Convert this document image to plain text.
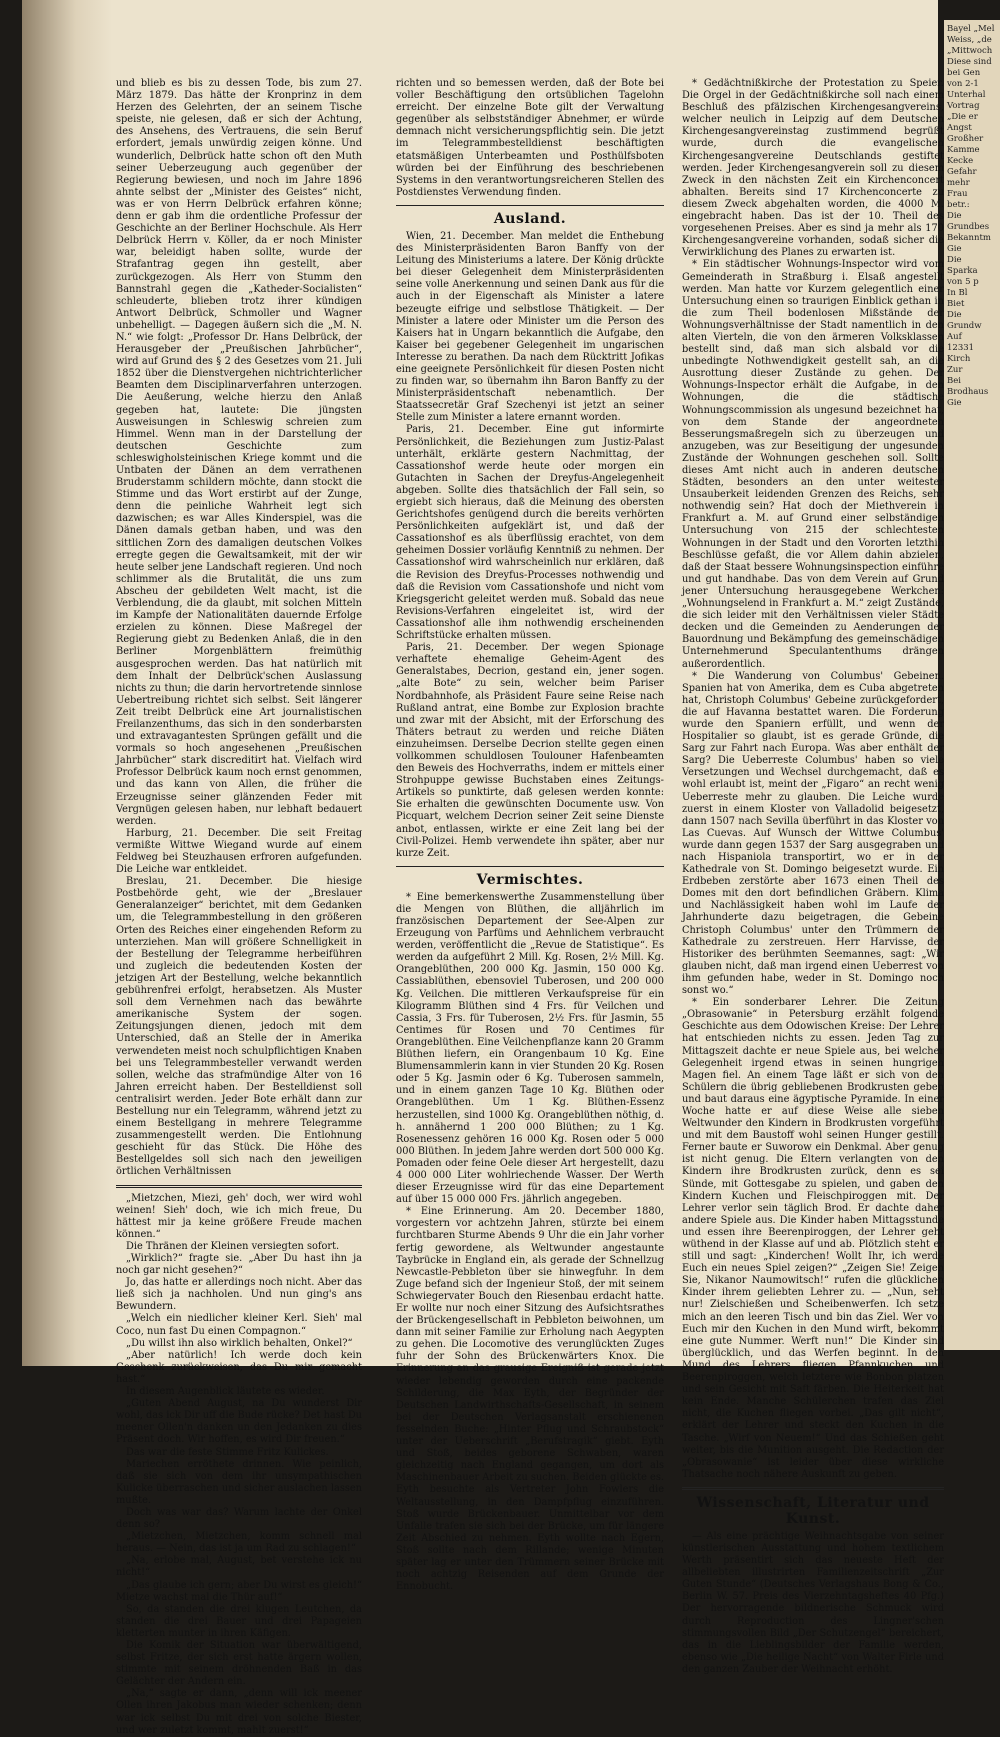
und blieb es bis zu dessen Tode, bis zum 27. März 1879. Das hätte der Kronprinz in dem Herzen des Gelehrten, der an seinem Tische speiste, nie gelesen, daß er sich der Achtung, des Ansehens, des Vertrauens, die sein Beruf erfordert, jemals unwürdig zeigen könne. Und wunderlich, Delbrück hatte schon oft den Muth seiner Ueberzeugung auch gegenüber der Regierung bewiesen, und noch im Jahre 1896 ahnte selbst der „Minister des Geistes“ nicht, was er von Herrn Delbrück erfahren könne; denn er gab ihm die ordentliche Professur der Geschichte an der Berliner Hochschule. Als Herr Delbrück Herrn v. Köller, da er noch Minister war, beleidigt haben sollte, wurde der Strafantrag gegen ihn gestellt, aber zurückgezogen. Als Herr von Stumm den Bannstrahl gegen die „Katheder-Socialisten“ schleuderte, blieben trotz ihrer kündigen Antwort Delbrück, Schmoller und Wagner unbehelligt. — Dagegen äußern sich die „M. N. N.“ wie folgt: „Professor Dr. Hans Delbrück, der Herausgeber der „Preußischen Jahrbücher“, wird auf Grund des § 2 des Gesetzes vom 21. Juli 1852 über die Dienstvergehen nichtrichterlicher Beamten dem Disciplinarverfahren unterzogen. Die Aeußerung, welche hierzu den Anlaß gegeben hat, lautete: Die jüngsten Ausweisungen in Schleswig schreien zum Himmel. Wenn man in der Darstellung der deutschen Geschichte zum schleswigholsteinischen Kriege kommt und die Untbaten der Dänen an dem verrathenen Bruderstamm schildern möchte, dann stockt die Stimme und das Wort erstirbt auf der Zunge, denn die peinliche Wahrheit legt sich dazwischen; es war Alles Kinderspiel, was die Dänen damals getban haben, und was den sittlichen Zorn des damaligen deutschen Volkes erregte gegen die Gewaltsamkeit, mit der wir heute selber jene Landschaft regieren. Und noch schlimmer als die Brutalität, die uns zum Abscheu der gebildeten Welt macht, ist die Verblendung, die da glaubt, mit solchen Mitteln im Kampfe der Nationalitäten dauernde Erfolge erzielen zu können. Diese Maßregel der Regierung giebt zu Bedenken Anlaß, die in den Berliner Morgenblättern freimüthig ausgesprochen werden. Das hat natürlich mit dem Inhalt der Delbrück'schen Auslassung nichts zu thun; die darin hervortretende sinnlose Uebertreibung richtet sich selbst. Seit längerer Zeit treibt Delbrück eine Art journalistischen Freilanzenthums, das sich in den sonderbarsten und extravagantesten Sprüngen gefällt und die vormals so hoch angesehenen „Preußischen Jahrbücher“ stark discreditirt hat. Vielfach wird Professor Delbrück kaum noch ernst genommen, und das kann von Allen, die früher die Erzeugnisse seiner glänzenden Feder mit Vergnügen gelesen haben, nur lebhaft bedauert werden.

Harburg, 21. December. Die seit Freitag vermißte Wittwe Wiegand wurde auf einem Feldweg bei Steuzhausen erfroren aufgefunden. Die Leiche war entkleidet.

Breslau, 21. December. Die hiesige Postbehörde geht, wie der „Breslauer Generalanzeiger“ berichtet, mit dem Gedanken um, die Telegrammbestellung in den größeren Orten des Reiches einer eingehenden Reform zu unterziehen. Man will größere Schnelligkeit in der Bestellung der Telegramme herbeiführen und zugleich die bedeutenden Kosten der jetzigen Art der Bestellung, welche bekanntlich gebührenfrei erfolgt, herabsetzen. Als Muster soll dem Vernehmen nach das bewährte amerikanische System der sogen. Zeitungsjungen dienen, jedoch mit dem Unterschied, daß an Stelle der in Amerika verwendeten meist noch schulpflichtigen Knaben bei uns Telegrammbesteller verwandt werden sollen, welche das strafmündige Alter von 16 Jahren erreicht haben. Der Bestelldienst soll centralisirt werden. Jeder Bote erhält dann zur Bestellung nur ein Telegramm, während jetzt zu einem Bestellgang in mehrere Telegramme zusammengestellt werden. Die Entlohnung geschieht für das Stück. Die Höhe des Bestellgeldes soll sich nach den jeweiligen örtlichen Verhältnissen

„Mietzchen, Miezi, geh' doch, wer wird wohl weinen! Sieh' doch, wie ich mich freue, Du hättest mir ja keine größere Freude machen können.“

Die Thränen der Kleinen versiegten sofort.

„Wirklich?“ fragte sie. „Aber Du hast ihn ja noch gar nicht gesehen?“

Jo, das hatte er allerdings noch nicht. Aber das ließ sich ja nachholen. Und nun ging's ans Bewundern.

„Welch ein niedlicher kleiner Kerl. Sieh' mal Coco, nun fast Du einen Compagnon.“

„Du willst ihn also wirklich behalten, Onkel?“

„Aber natürlich! Ich werde doch kein Geschenk zurückweisen, das Du mir gemacht hast.“

In diesem Augenblick läutete es wieder.

„Guten Abend August, na Du wunderst Dir wohl, das ick Dir uff die Bude rücke? Det hast Du meener Ollen'n danken un den Jedanken zu dies Präsent doch. Wir hoffen, es wird Dir freuen.“

Das war die feste Stimme Fritz Kulickes.

Mariechen erröthete drinnen. Wie peinlich, daß sie sich von dem ihr unsympathischen Kulicke überraschen und sicher auslachen lassen mußte.

Doch was war das? Warum lachte der Onkel denn so?

„Mietzchen, Mietzchen, komm schnell mal heraus. — Nein, das ist ja um Rad zu schlagen!“

„Na, erlobe mal, August, bet verstehe ick nu nicht!“

„Das glaube ich gern; aber Du wirst es gleich!“ Mietze wachst mal die Thür auf!“

So, da standen die drei klugen Leutchen, da standen die drei Bauer und drei Papageien kletterten munter in ihren Käfigen.

Die Komik der Situation war überwältigend, selbst Fritze, der sich erst hatte ärgern wollen, stimmte mit seinem dröhnenden Baß in das Gelächter der Andern ein.

„Na,“ sagte er dann, „denn will ick meener Ollen ihren Jakobus man wieder schenken; denn war ick selbst Du mit drei von solche Biester, und wer zuletzt kommt, mahlt zuerst!“

richten und so bemessen werden, daß der Bote bei voller Beschäftigung den ortsüblichen Tagelohn erreicht. Der einzelne Bote gilt der Verwaltung gegenüber als selbstständiger Abnehmer, er würde demnach nicht versicherungspflichtig sein. Die jetzt im Telegrammbestelldienst beschäftigten etatsmäßigen Unterbeamten und Posthülfsboten würden bei der Einführung des beschriebenen Systems in den verantwortungsreicheren Stellen des Postdienstes Verwendung finden.

Ausland.

Wien, 21. December. Man meldet die Enthebung des Ministerpräsidenten Baron Banffy von der Leitung des Ministeriums a latere. Der König drückte bei dieser Gelegenheit dem Ministerpräsidenten seine volle Anerkennung und seinen Dank aus für die auch in der Eigenschaft als Minister a latere bezeugte eifrige und selbstlose Thätigkeit. — Der Minister a latere oder Minister um die Person des Kaisers hat in Ungarn bekanntlich die Aufgabe, den Kaiser bei gegebener Gelegenheit im ungarischen Interesse zu berathen. Da nach dem Rücktritt Jofikas eine geeignete Persönlichkeit für diesen Posten nicht zu finden war, so übernahm ihn Baron Banffy zu der Ministerpräsidentschaft nebenamtlich. Der Staatssecretär Graf Szechenyi ist jetzt an seiner Stelle zum Minister a latere ernannt worden.

Paris, 21. December. Eine gut informirte Persönlichkeit, die Beziehungen zum Justiz-Palast unterhält, erklärte gestern Nachmittag, der Cassationshof werde heute oder morgen ein Gutachten in Sachen der Dreyfus-Angelegenheit abgeben. Sollte dies thatsächlich der Fall sein, so ergiebt sich hieraus, daß die Meinung des obersten Gerichtshofes genügend durch die bereits verhörten Persönlichkeiten aufgeklärt ist, und daß der Cassationshof es als überflüssig erachtet, von dem geheimen Dossier vorläufig Kenntniß zu nehmen. Der Cassationshof wird wahrscheinlich nur erklären, daß die Revision des Dreyfus-Processes nothwendig und daß die Revision vom Cassationshofe und nicht vom Kriegsgericht geleitet werden muß. Sobald das neue Revisions-Verfahren eingeleitet ist, wird der Cassationshof alle ihm nothwendig erscheinenden Schriftstücke erhalten müssen.

Paris, 21. December. Der wegen Spionage verhaftete ehemalige Geheim-Agent des Generalstabes, Decrion, gestand ein, jener sogen. „alte Bote“ zu sein, welcher beim Pariser Nordbahnhofe, als Präsident Faure seine Reise nach Rußland antrat, eine Bombe zur Explosion brachte und zwar mit der Absicht, mit der Erforschung des Thäters betraut zu werden und reiche Diäten einzuheimsen. Derselbe Decrion stellte gegen einen vollkommen schuldlosen Toulouner Hafenbeamten den Beweis des Hochverraths, indem er mittels einer Strohpuppe gewisse Buchstaben eines Zeitungs-Artikels so punktirte, daß gelesen werden konnte: Sie erhalten die gewünschten Documente usw. Von Picquart, welchem Decrion seiner Zeit seine Dienste anbot, entlassen, wirkte er eine Zeit lang bei der Civil-Polizei. Hemb verwendete ihn später, aber nur kurze Zeit.

Vermischtes.

* Eine bemerkenswerthe Zusammenstellung über die Mengen von Blüthen, die alljährlich im französischen Departement der See-Alpen zur Erzeugung von Parfüms und Aehnlichem verbraucht werden, veröffentlicht die „Revue de Statistique“. Es werden da aufgeführt 2 Mill. Kg. Rosen, 2½ Mill. Kg. Orangeblüthen, 200 000 Kg. Jasmin, 150 000 Kg. Cassiablüthen, ebensoviel Tuberosen, und 200 000 Kg. Veilchen. Die mittleren Verkaufspreise für ein Kilogramm Blüthen sind 4 Frs. für Veilchen und Cassia, 3 Frs. für Tuberosen, 2½ Frs. für Jasmin, 55 Centimes für Rosen und 70 Centimes für Orangeblüthen. Eine Veilchenpflanze kann 20 Gramm Blüthen liefern, ein Orangenbaum 10 Kg. Eine Blumensammlerin kann in vier Stunden 20 Kg. Rosen oder 5 Kg. Jasmin oder 6 Kg. Tuberosen sammeln, und in einem ganzen Tage 10 Kg. Blüthen oder Orangeblüthen. Um 1 Kg. Blüthen-Essenz herzustellen, sind 1000 Kg. Orangeblüthen nöthig, d. h. annähernd 1 200 000 Blüthen; zu 1 Kg. Rosenessenz gehören 16 000 Kg. Rosen oder 5 000 000 Blüthen. In jedem Jahre werden dort 500 000 Kg. Pomaden oder feine Oele dieser Art hergestellt, dazu 4 000 000 Liter wohlriechende Wasser. Der Werth dieser Erzeugnisse wird für das eine Departement auf über 15 000 000 Frs. jährlich angegeben.

* Eine Erinnerung. Am 20. December 1880, vorgestern vor achtzehn Jahren, stürzte bei einem furchtbaren Sturme Abends 9 Uhr die ein Jahr vorher fertig gewordene, als Weltwunder angestaunte Taybrücke in England ein, als gerade der Schnellzug Newcastle-Pebbleton über sie hinwegfuhr. In dem Zuge befand sich der Ingenieur Stoß, der mit seinem Schwiegervater Bouch den Riesenbau erdacht hatte. Er wollte nur noch einer Sitzung des Aufsichtsrathes der Brückengesellschaft in Pebbleton beiwohnen, um dann mit seiner Familie zur Erholung nach Aegypten zu gehen. Die Locomotive des verunglückten Zuges fuhr der Sohn des Brückenwärters Knox. Die Erinnerung an das grausige Ereigniß ist gerade jetzt wieder lebendig geworden durch eine packende Schilderung, die Max Eyth, der Begründer der Deutschen Landwirthschafts-Gesellschaft, in seinem bei der Deutschen Verlagsanstalt erschienenen fesselnden Buche: „Hinter Pflug und Schraubstock“ unter der Ueberschrift „Berufstragik“ giebt. Eyth und Stoß, beides geborene Schwaben, waren gleichzeitig nach England gegangen, um dort als Maschinenbauer Arbeit zu suchen. Beiden glückte es. Eyth besuchte als Vertreter John Fowlers die Weltausstellung, in den Dampfpflug einzuführen. Stoß wurde Brückenbauer. Unmittelbar vor dem Unfalle trafen sie sich bei der Brücke, um für längere Zeit Abschied zu nehmen. Eyth wollte nach Egern, Stoß sollte nach dem Rillande; wenige Minuten später lag er unter den Trümmern seiner Brücke mit noch achtzig Reisenden auf dem Grunde der Ennobucht.

* Gedächtnißkirche der Protestation zu Speier. Die Orgel in der Gedächtnißkirche soll nach einem Beschluß des pfälzischen Kirchengesangvereins, welcher neulich in Leipzig auf dem Deutschen Kirchengesangvereinstag zustimmend begrüßt wurde, durch die evangelischen Kirchengesangvereine Deutschlands gestiftet werden. Jeder Kirchengesangverein soll zu diesem Zweck in den nächsten Zeit ein Kirchenconcert abhalten. Bereits sind 17 Kirchenconcerte zu diesem Zweck abgehalten worden, die 4000 M. eingebracht haben. Das ist der 10. Theil des vorgesehenen Preises. Aber es sind ja mehr als 170 Kirchengesangvereine vorhanden, sodaß sicher die Verwirklichung des Planes zu erwarten ist.

* Ein städtischer Wohnungs-Inspector wird vom Gemeinderath in Straßburg i. Elsaß angestellt werden. Man hatte vor Kurzem gelegentlich einer Untersuchung einen so traurigen Einblick gethan in die zum Theil bodenlosen Mißstände der Wohnungsverhältnisse der Stadt namentlich in den alten Vierteln, die von den ärmeren Volksklassen bestellt sind, daß man sich alsbald vor die unbedingte Nothwendigkeit gestellt sah, an die Ausrottung dieser Zustände zu gehen. Der Wohnungs-Inspector erhält die Aufgabe, in den Wohnungen, die die städtische Wohnungscommission als ungesund bezeichnet hat, von dem Stande der angeordneten Besserungsmaßregeln sich zu überzeugen und anzugeben, was zur Beseitigung der ungesunden Zustände der Wohnungen geschehen soll. Sollte dieses Amt nicht auch in anderen deutschen Städten, besonders an den unter weitester Unsauberkeit leidenden Grenzen des Reichs, sehr nothwendig sein? Hat doch der Miethverein in Frankfurt a. M. auf Grund einer selbständigen Untersuchung von 215 der schlechtesten Wohnungen in der Stadt und den Vororten letzthin Beschlüsse gefaßt, die vor Allem dahin abzielen, daß der Staat bessere Wohnungsinspection einführe und gut handhabe. Das von dem Verein auf Grund jener Untersuchung herausgegebene Werkchen: „Wohnungselend in Frankfurt a. M.“ zeigt Zustände, die sich leider mit den Verhältnissen vieler Städte decken und die Gemeinden zu Aenderungen der Bauordnung und Bekämpfung des gemeinschädigen Unternehmerund Speculantenthums drängen außerordentlich.

* Die Wanderung von Columbus' Gebeinen. Spanien hat von Amerika, dem es Cuba abgetreten hat, Christoph Columbus' Gebeine zurückgefordert, die auf Havanna bestattet waren. Die Forderung wurde den Spaniern erfüllt, und wenn der Hospitalier so glaubt, ist es gerade Gründe, die Sarg zur Fahrt nach Europa. Was aber enthält der Sarg? Die Ueberreste Columbus' haben so viele Versetzungen und Wechsel durchgemacht, daß es wohl erlaubt ist, meint der „Figaro“ an recht wenig Ueberreste mehr zu glauben. Die Leiche wurde zuerst in einem Kloster von Valladolid beigesetzt, dann 1507 nach Sevilla überführt in das Kloster von Las Cuevas. Auf Wunsch der Wittwe Columbus' wurde dann gegen 1537 der Sarg ausgegraben und nach Hispaniola transportirt, wo er in der Kathedrale von St. Domingo beigesetzt wurde. Ein Erdbeben zerstörte aber 1673 einen Theil des Domes mit den dort befindlichen Gräbern. Klima und Nachlässigkeit haben wohl im Laufe der Jahrhunderte dazu beigetragen, die Gebeine Christoph Columbus' unter den Trümmern der Kathedrale zu zerstreuen. Herr Harvisse, der Historiker des berühmten Seemannes, sagt: „Wir glauben nicht, daß man irgend einen Ueberrest von ihm gefunden habe, weder in St. Domingo noch sonst wo.“

* Ein sonderbarer Lehrer. Die Zeitung „Obrasowanie“ in Petersburg erzählt folgende Geschichte aus dem Odowischen Kreise: Der Lehrer hat entschieden nichts zu essen. Jeden Tag zur Mittagszeit dachte er neue Spiele aus, bei welcher Gelegenheit irgend etwas in seinen hungrigen Magen fiel. An einem Tage läßt er sich von den Schülern die übrig gebliebenen Brodkrusten geben und baut daraus eine ägyptische Pyramide. In einer Woche hatte er auf diese Weise alle sieben Weltwunder den Kindern in Brodkrusten vorgeführt und mit dem Baustoff wohl seinen Hunger gestillt. Ferner baute er Suworow ein Denkmal. Aber genug ist nicht genug. Die Eltern verlangten von den Kindern ihre Brodkrusten zurück, denn es sei Sünde, mit Gottesgabe zu spielen, und gaben den Kindern Kuchen und Fleischpiroggen mit. Der Lehrer verlor sein täglich Brod. Er dachte daher andere Spiele aus. Die Kinder haben Mittagsstunde und essen ihre Beerenpiroggen, der Lehrer geht wüthend in der Klasse auf und ab. Plötzlich steht er still und sagt: „Kinderchen! Wollt Ihr, ich werde Euch ein neues Spiel zeigen?“ „Zeigen Sie! Zeigen Sie, Nikanor Naumowitsch!“ rufen die glücklichen Kinder ihrem geliebten Lehrer zu. — „Nun, seht nur! Zielschießen und Scheibenwerfen. Ich setze mich an den leeren Tisch und bin das Ziel. Wer von Euch mir den Kuchen in den Mund wirft, bekommt eine gute Nummer. Werft nun!“ Die Kinder sind überglücklich, und das Werfen beginnt. In den Mund des Lehrers fliegen Pfannkuchen und Beerenpiroggen, welch letztere wie Bonbon platzen und sein Gesicht mit Saft färben. Die Heiterkeit hat kein Ende. Manche Schülerchen trafen das Ziel nicht, die Kuchen fliegen vorbei. „Das gilt nicht“, erklärt der Lehrer und steckt den Kuchen in die Tasche. „Wirf von Neuem!“ Und das Schießen geht weiter, bis die Munition ausgeht. Die Redaction der „Obrasowanie“ ist leider über diese wirkliche Thatsache noch nähere Auskunft zu geben.

Wissenschaft, Literatur und Kunst.

— Als eine prächtige Weihnachtsgabe von seiner künstlerischen Ausstattung und hohem textlichem Werth präsentirt sich das neueste Heft der allbeliebten illustrirten Familienzeitschrift „Zur Guten Stunde“ (Deutsches Verlagshaus Bong & Co., Berlin W. 57. Preis des Vierzehntagsheftes 40 Pfg.) Der hervorragende bildnerische Schmuck wird durch Reproduction des Lingner'schen stimmungsvollen Bild „Der Schutzengel“ bereichert, das in die Lieblingsbilder der Familie werden, ebenso wie „Die heilige Nacht“ von Walter Firle und den ganzen Zauber der Weihnacht erhöht.

Bayel „Mel
Weiss, „de
„Mittwoch
Diese sind
bei Gen
von 2-1
Unterhal
Vortrag
„Die er
Angst
Großher
Kamme
Kecke
Gefahr
mehr
Frau
betr.:
Die
Grundbes
Bekanntm
Gie
Die
Sparka
von 5 p
In Bl
Biet
Die
Grundw
Auf
12331
Kirch
Zur
Bei
Brodhaus
Gie
